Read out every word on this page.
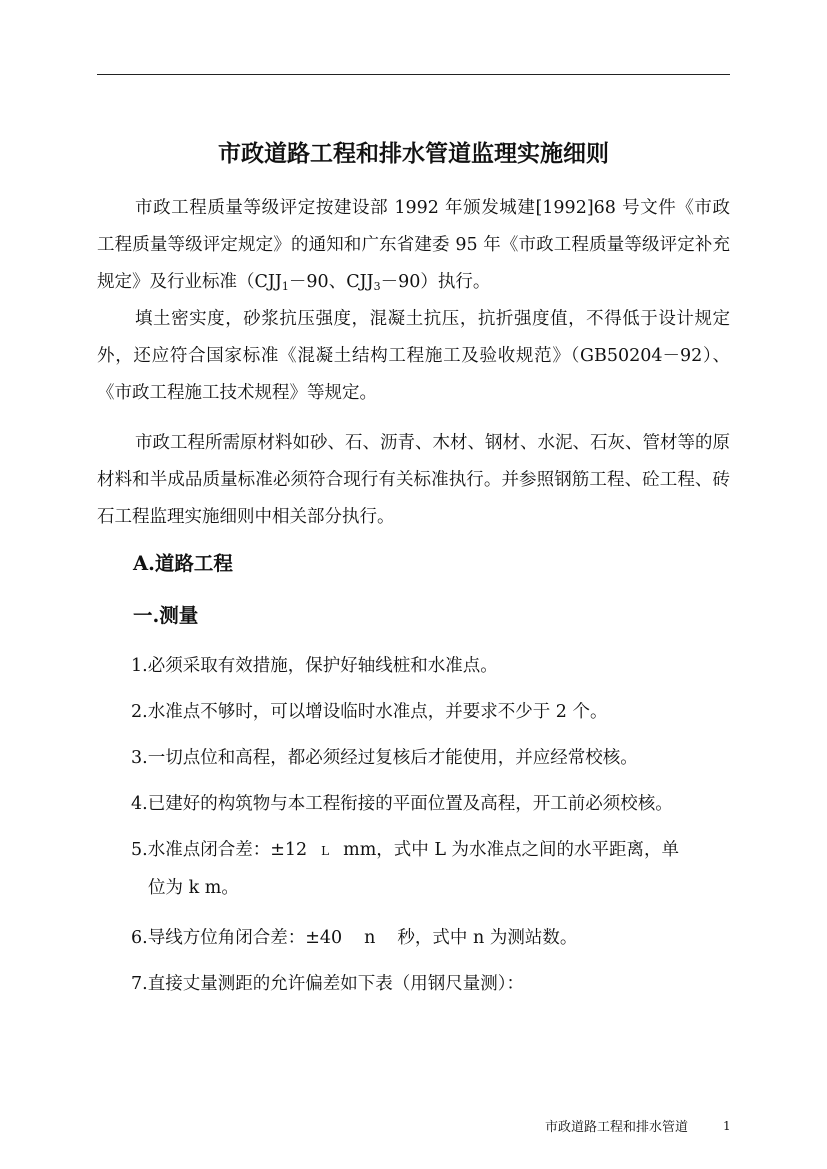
市政道路工程和排水管道监理实施细则

市政工程质量等级评定按建设部 1992 年颁发城建[1992]68 号文件《市政工程质量等级评定规定》的通知和广东省建委 95 年《市政工程质量等级评定补充规定》及行业标准（$CJJ_1-90$、$CJJ_3-90$）执行。

填土密实度，砂浆抗压强度，混凝土抗压，抗折强度值，不得低于设计规定外，还应符合国家标准《混凝土结构工程施工及验收规范》（GB50204－92）、《市政工程施工技术规程》等规定。

市政工程所需原材料如砂、石、沥青、木材、钢材、水泥、石灰、管材等的原材料和半成品质量标准必须符合现行有关标准执行。并参照钢筋工程、砼工程、砖石工程监理实施细则中相关部分执行。

A.道路工程
一.测量

1.必须采取有效措施，保护好轴线桩和水准点。

2.水准点不够时，可以增设临时水准点，并要求不少于 2 个。

3.一切点位和高程，都必须经过复核后才能使用，并应经常校核。

4.已建好的构筑物与本工程衔接的平面位置及高程，开工前必须校核。

5.水准点闭合差：±12 L mm，式中 L 为水准点之间的水平距离，单
位为 k m。

6.导线方位角闭合差：±40 n 秒，式中 n 为测站数。

7.直接丈量测距的允许偏差如下表（用钢尺量测）：

市政道路工程和排水管道	1
